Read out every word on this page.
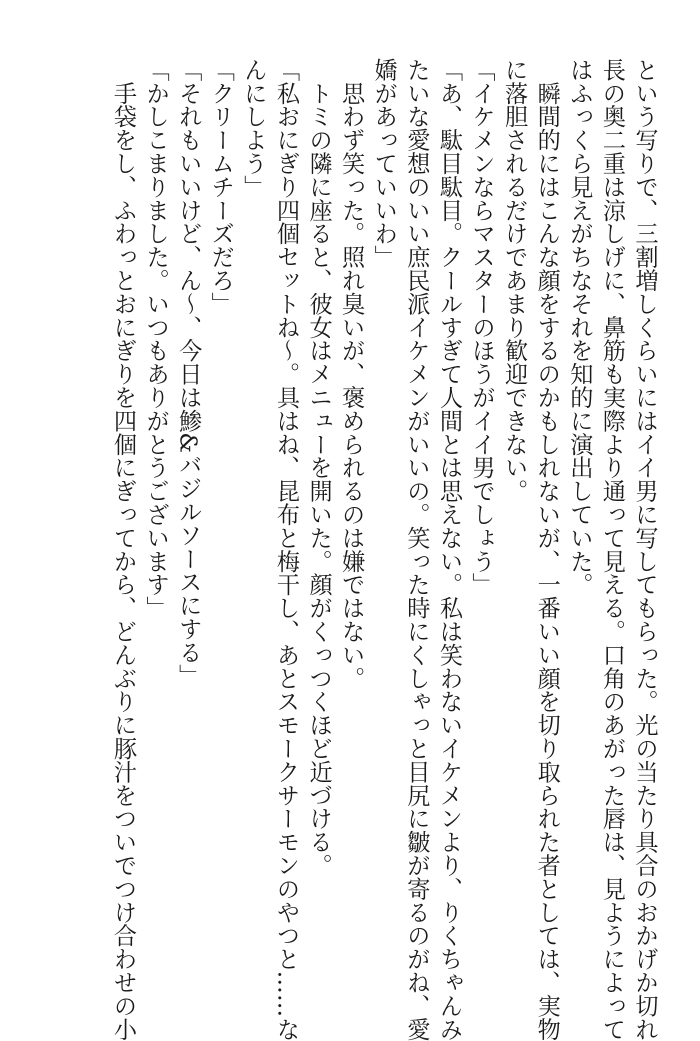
という写りで、三割増しくらいにはイイ男に写してもらった。光の当たり具合のおかげか切れ
長の奥二重は涼しげに、鼻筋も実際より通って見える。口角のあがった唇は、見ようによって
はふっくら見えがちなそれを知的に演出していた。
　瞬間的にはこんな顔をするのかもしれないが、一番いい顔を切り取られた者としては、実物
に落胆されるだけであまり歓迎できない。
「イケメンならマスターのほうがイイ男でしょう」
「あ、駄目駄目。クールすぎて人間とは思えない。私は笑わないイケメンより、りくちゃんみ
たいな愛想のいい庶民派イケメンがいいの。笑った時にくしゃっと目尻に皺が寄るのがね、愛
嬌があっていいわ」
　思わず笑った。照れ臭いが、褒められるのは嫌ではない。
　トミの隣に座ると、彼女はメニューを開いた。顔がくっつくほど近づける。
「私おにぎり四個セットね～。具はね、昆布と梅干し、あとスモークサーモンのやつと……な
んにしよう」
「クリームチーズだろ」
「それもいいけど、ん～、今日は鯵&バジルソースにする」
「かしこまりました。いつもありがとうございます」
　手袋をし、ふわっとおにぎりを四個にぎってから、どんぶりに豚汁をついでつけ合わせの小
